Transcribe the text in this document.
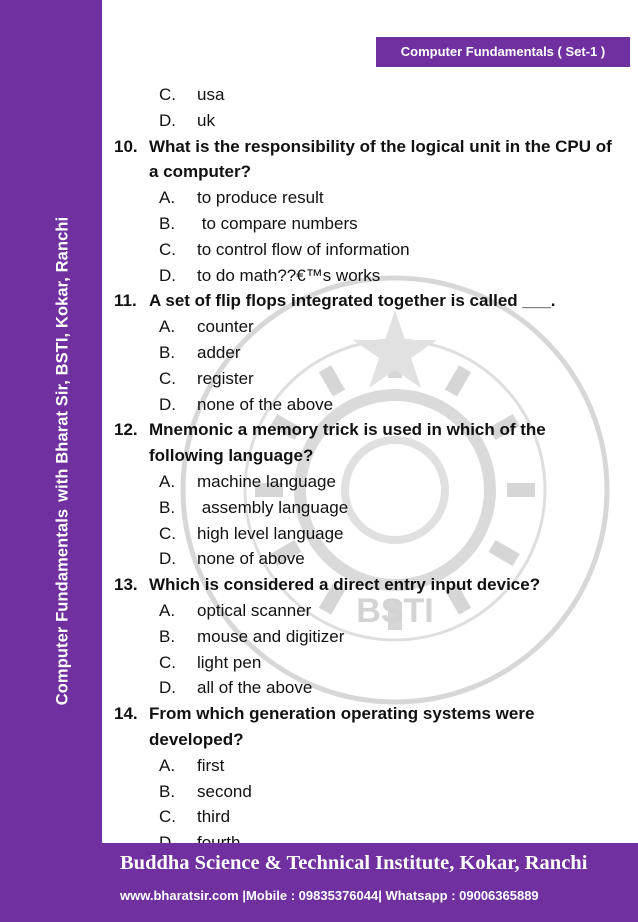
Computer Fundamentalswith Bharat Sir, BSTI, Kokar, Ranchi
Computer Fundamentals ( Set-1 )
BSTI
C.	usa
D.	uk
10. What is the responsibility of the logical unit in the CPU of a computer?
A.	to produce result
B.	to compare numbers
C.	to control flow of information
D.	to do math??€™s works
11. A set of flip flops integrated together is called ___.
A.	counter
B.	adder
C.	register
D.	none of the above
12. Mnemonic a memory trick is used in which of the following language?
A.	machine language
B.	assembly language
C.	high level language
D.	none of above
13. Which is considered a direct entry input device?
A.	optical scanner
B.	mouse and digitizer
C.	light pen
D.	all of the above
14. From which generation operating systems were developed?
A.	first
B.	second
C.	third
Buddha Science & Technical Institute, Kokar, Ranchi
www.bharatsir.com |Mobile : 09835376044| Whatsapp : 09006365889
